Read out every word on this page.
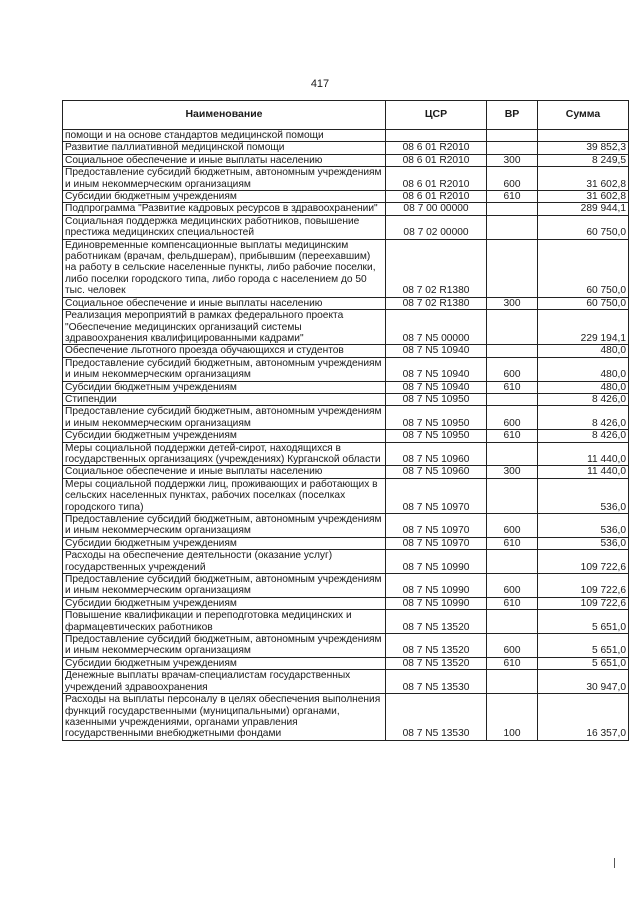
417
Наименование	ЦСР	ВР	Сумма
помощи и на основе стандартов медицинской помощи			
Развитие паллиативной медицинской помощи	08 6 01 R2010		39 852,3
Социальное обеспечение и иные выплаты населению	08 6 01 R2010	300	8 249,5
Предоставление субсидий бюджетным, автономным учреждениям и иным некоммерческим организациям	08 6 01 R2010	600	31 602,8
Субсидии бюджетным учреждениям	08 6 01 R2010	610	31 602,8
Подпрограмма "Развитие кадровых ресурсов в здравоохранении"	08 7 00 00000		289 944,1
Социальная поддержка медицинских работников, повышение престижа медицинских специальностей	08 7 02 00000		60 750,0
Единовременные компенсационные выплаты медицинским работникам (врачам, фельдшерам), прибывшим (переехавшим) на работу в сельские населенные пункты, либо рабочие поселки, либо поселки городского типа, либо города с населением до 50 тыс. человек	08 7 02 R1380		60 750,0
Социальное обеспечение и иные выплаты населению	08 7 02 R1380	300	60 750,0
Реализация мероприятий в рамках федерального проекта "Обеспечение медицинских организаций системы здравоохранения квалифицированными кадрами"	08 7 N5 00000		229 194,1
Обеспечение льготного проезда обучающихся и студентов	08 7 N5 10940		480,0
Предоставление субсидий бюджетным, автономным учреждениям и иным некоммерческим организациям	08 7 N5 10940	600	480,0
Субсидии бюджетным учреждениям	08 7 N5 10940	610	480,0
Стипендии	08 7 N5 10950		8 426,0
Предоставление субсидий бюджетным, автономным учреждениям и иным некоммерческим организациям	08 7 N5 10950	600	8 426,0
Субсидии бюджетным учреждениям	08 7 N5 10950	610	8 426,0
Меры социальной поддержки детей-сирот, находящихся в государственных организациях (учреждениях) Курганской области	08 7 N5 10960		11 440,0
Социальное обеспечение и иные выплаты населению	08 7 N5 10960	300	11 440,0
Меры социальной поддержки лиц, проживающих и работающих в сельских населенных пунктах, рабочих поселках (поселках городского типа)	08 7 N5 10970		536,0
Предоставление субсидий бюджетным, автономным учреждениям и иным некоммерческим организациям	08 7 N5 10970	600	536,0
Субсидии бюджетным учреждениям	08 7 N5 10970	610	536,0
Расходы на обеспечение деятельности (оказание услуг) государственных учреждений	08 7 N5 10990		109 722,6
Предоставление субсидий бюджетным, автономным учреждениям и иным некоммерческим организациям	08 7 N5 10990	600	109 722,6
Субсидии бюджетным учреждениям	08 7 N5 10990	610	109 722,6
Повышение квалификации и переподготовка медицинских и фармацевтических работников	08 7 N5 13520		5 651,0
Предоставление субсидий бюджетным, автономным учреждениям и иным некоммерческим организациям	08 7 N5 13520	600	5 651,0
Субсидии бюджетным учреждениям	08 7 N5 13520	610	5 651,0
Денежные выплаты врачам-специалистам государственных учреждений здравоохранения	08 7 N5 13530		30 947,0
Расходы на выплаты персоналу в целях обеспечения выполнения функций государственными (муниципальными) органами, казенными учреждениями, органами управления государственными внебюджетными фондами	08 7 N5 13530	100	16 357,0
